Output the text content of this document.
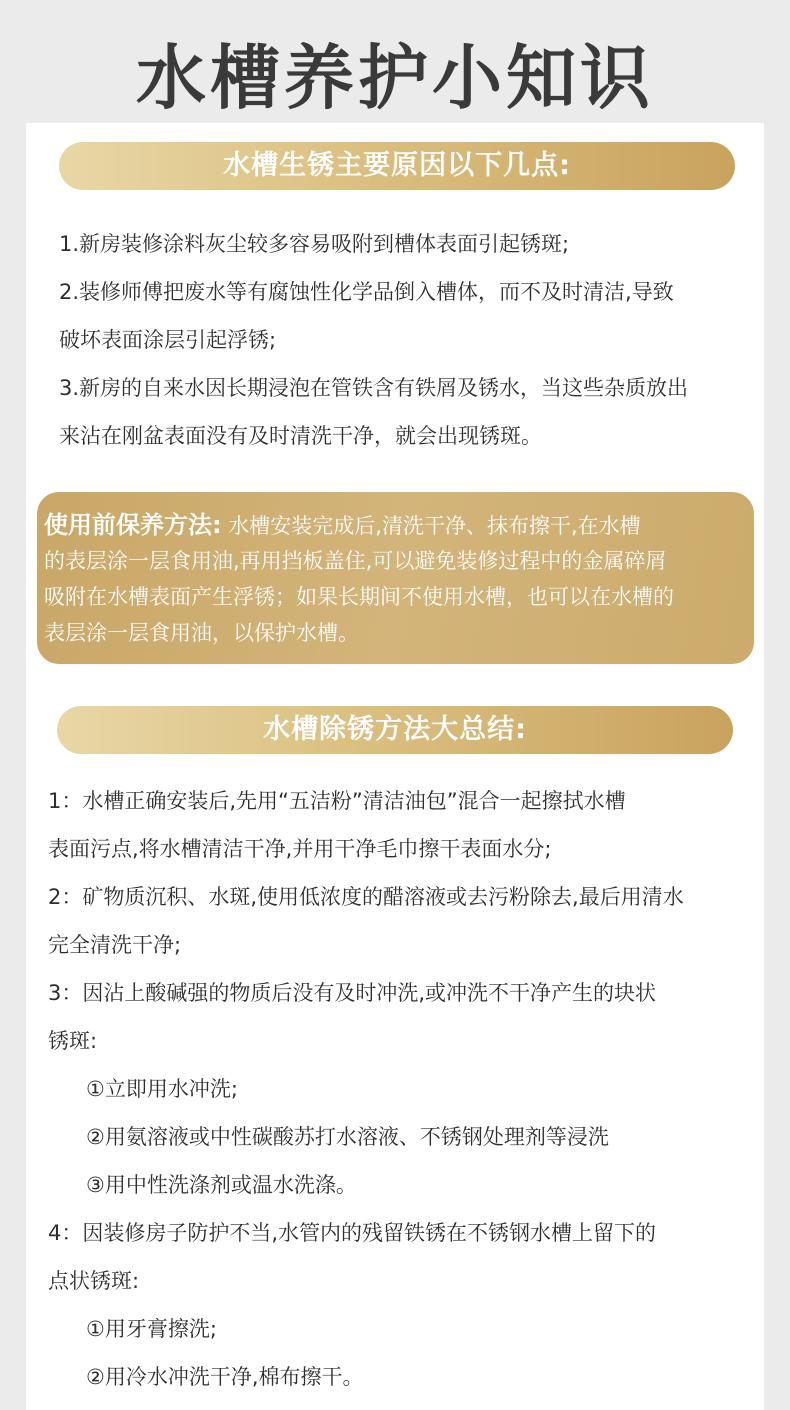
水槽养护小知识
水槽生锈主要原因以下几点:
1.新房装修涂料灰尘较多容易吸附到槽体表面引起锈斑;
2.装修师傅把废水等有腐蚀性化学品倒入槽体，而不及时清洁,导致
破坏表面涂层引起浮锈;
3.新房的自来水因长期浸泡在管铁含有铁屑及锈水，当这些杂质放出
来沾在刚盆表面没有及时清洗干净，就会出现锈斑。
使用前保养方法: 水槽安装完成后,清洗干净、抹布擦干,在水槽
的表层涂一层食用油,再用挡板盖住,可以避免装修过程中的金属碎屑
吸附在水槽表面产生浮锈；如果长期间不使用水槽，也可以在水槽的
表层涂一层食用油，以保护水槽。
水槽除锈方法大总结:
1：水槽正确安装后,先用“五洁粉”清洁油包”混合一起擦拭水槽
表面污点,将水槽清洁干净,并用干净毛巾擦干表面水分;
2：矿物质沉积、水斑,使用低浓度的醋溶液或去污粉除去,最后用清水
完全清洗干净;
3：因沾上酸碱强的物质后没有及时冲洗,或冲洗不干净产生的块状
锈斑:
①立即用水冲洗;
②用氨溶液或中性碳酸苏打水溶液、不锈钢处理剂等浸洗
③用中性洗涤剂或温水洗涤。
4：因装修房子防护不当,水管内的残留铁锈在不锈钢水槽上留下的
点状锈斑:
①用牙膏擦洗;
②用冷水冲洗干净,棉布擦干。
